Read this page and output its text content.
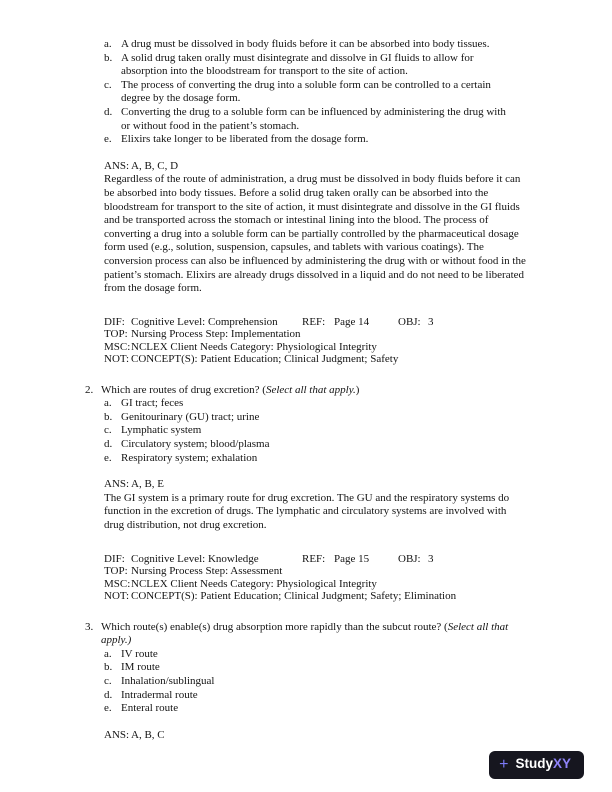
a. A drug must be dissolved in body fluids before it can be absorbed into body tissues.
b. A solid drug taken orally must disintegrate and dissolve in GI fluids to allow for absorption into the bloodstream for transport to the site of action.
c. The process of converting the drug into a soluble form can be controlled to a certain degree by the dosage form.
d. Converting the drug to a soluble form can be influenced by administering the drug with or without food in the patient’s stomach.
e. Elixirs take longer to be liberated from the dosage form.
ANS: A, B, C, D
Regardless of the route of administration, a drug must be dissolved in body fluids before it can be absorbed into body tissues. Before a solid drug taken orally can be absorbed into the bloodstream for transport to the site of action, it must disintegrate and dissolve in the GI fluids and be transported across the stomach or intestinal lining into the blood. The process of converting a drug into a soluble form can be partially controlled by the pharmaceutical dosage form used (e.g., solution, suspension, capsules, and tablets with various coatings). The conversion process can also be influenced by administering the drug with or without food in the patient’s stomach. Elixirs are already drugs dissolved in a liquid and do not need to be liberated from the dosage form.
DIF: Cognitive Level: Comprehension	REF: Page 14	OBJ: 3
TOP: Nursing Process Step: Implementation
MSC: NCLEX Client Needs Category: Physiological Integrity
NOT: CONCEPT(S): Patient Education; Clinical Judgment; Safety
2. Which are routes of drug excretion? (Select all that apply.)
a. GI tract; feces
b. Genitourinary (GU) tract; urine
c. Lymphatic system
d. Circulatory system; blood/plasma
e. Respiratory system; exhalation
ANS: A, B, E
The GI system is a primary route for drug excretion. The GU and the respiratory systems do function in the excretion of drugs. The lymphatic and circulatory systems are involved with drug distribution, not drug excretion.
DIF: Cognitive Level: Knowledge	REF: Page 15	OBJ: 3
TOP: Nursing Process Step: Assessment
MSC: NCLEX Client Needs Category: Physiological Integrity
NOT: CONCEPT(S): Patient Education; Clinical Judgment; Safety; Elimination
3. Which route(s) enable(s) drug absorption more rapidly than the subcut route? (Select all that apply.)
a. IV route
b. IM route
c. Inhalation/sublingual
d. Intradermal route
e. Enteral route
ANS: A, B, C
+ StudyXY
